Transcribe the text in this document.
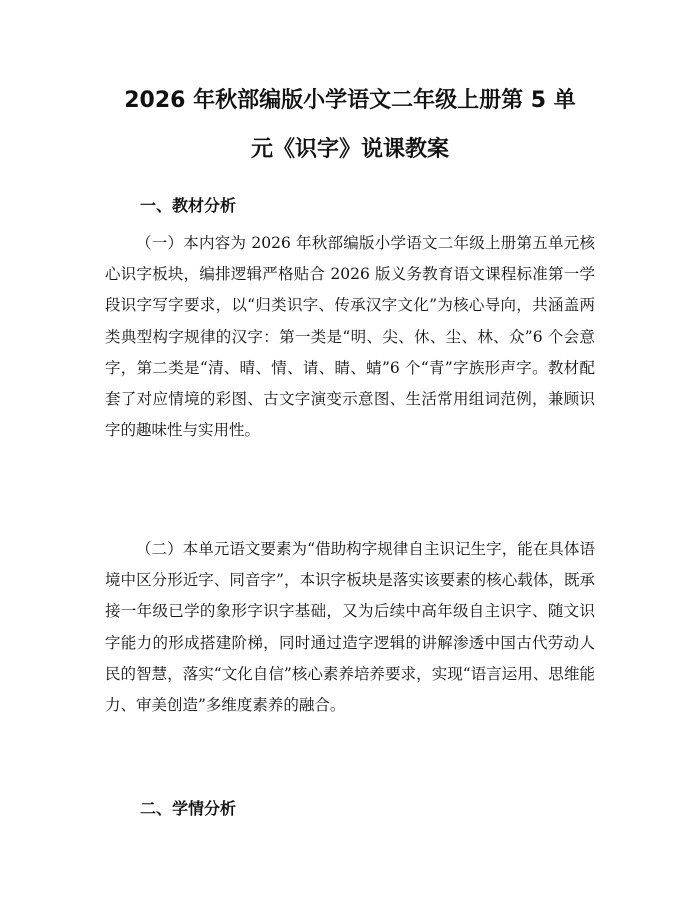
2026 年秋部编版小学语文二年级上册第 5 单
元《识字》说课教案
一、教材分析

（一）本内容为 2026 年秋部编版小学语文二年级上册第五单元核心识字板块，编排逻辑严格贴合 2026 版义务教育语文课程标准第一学段识字写字要求，以“归类识字、传承汉字文化”为核心导向，共涵盖两类典型构字规律的汉字：第一类是“明、尖、休、尘、林、众”6 个会意字，第二类是“清、晴、情、请、睛、蜻”6 个“青”字族形声字。教材配套了对应情境的彩图、古文字演变示意图、生活常用组词范例，兼顾识字的趣味性与实用性。

（二）本单元语文要素为“借助构字规律自主识记生字，能在具体语境中区分形近字、同音字”，本识字板块是落实该要素的核心载体，既承接一年级已学的象形字识字基础，又为后续中高年级自主识字、随文识字能力的形成搭建阶梯，同时通过造字逻辑的讲解渗透中国古代劳动人民的智慧，落实“文化自信”核心素养培养要求，实现“语言运用、思维能力、审美创造”多维度素养的融合。

二、学情分析
